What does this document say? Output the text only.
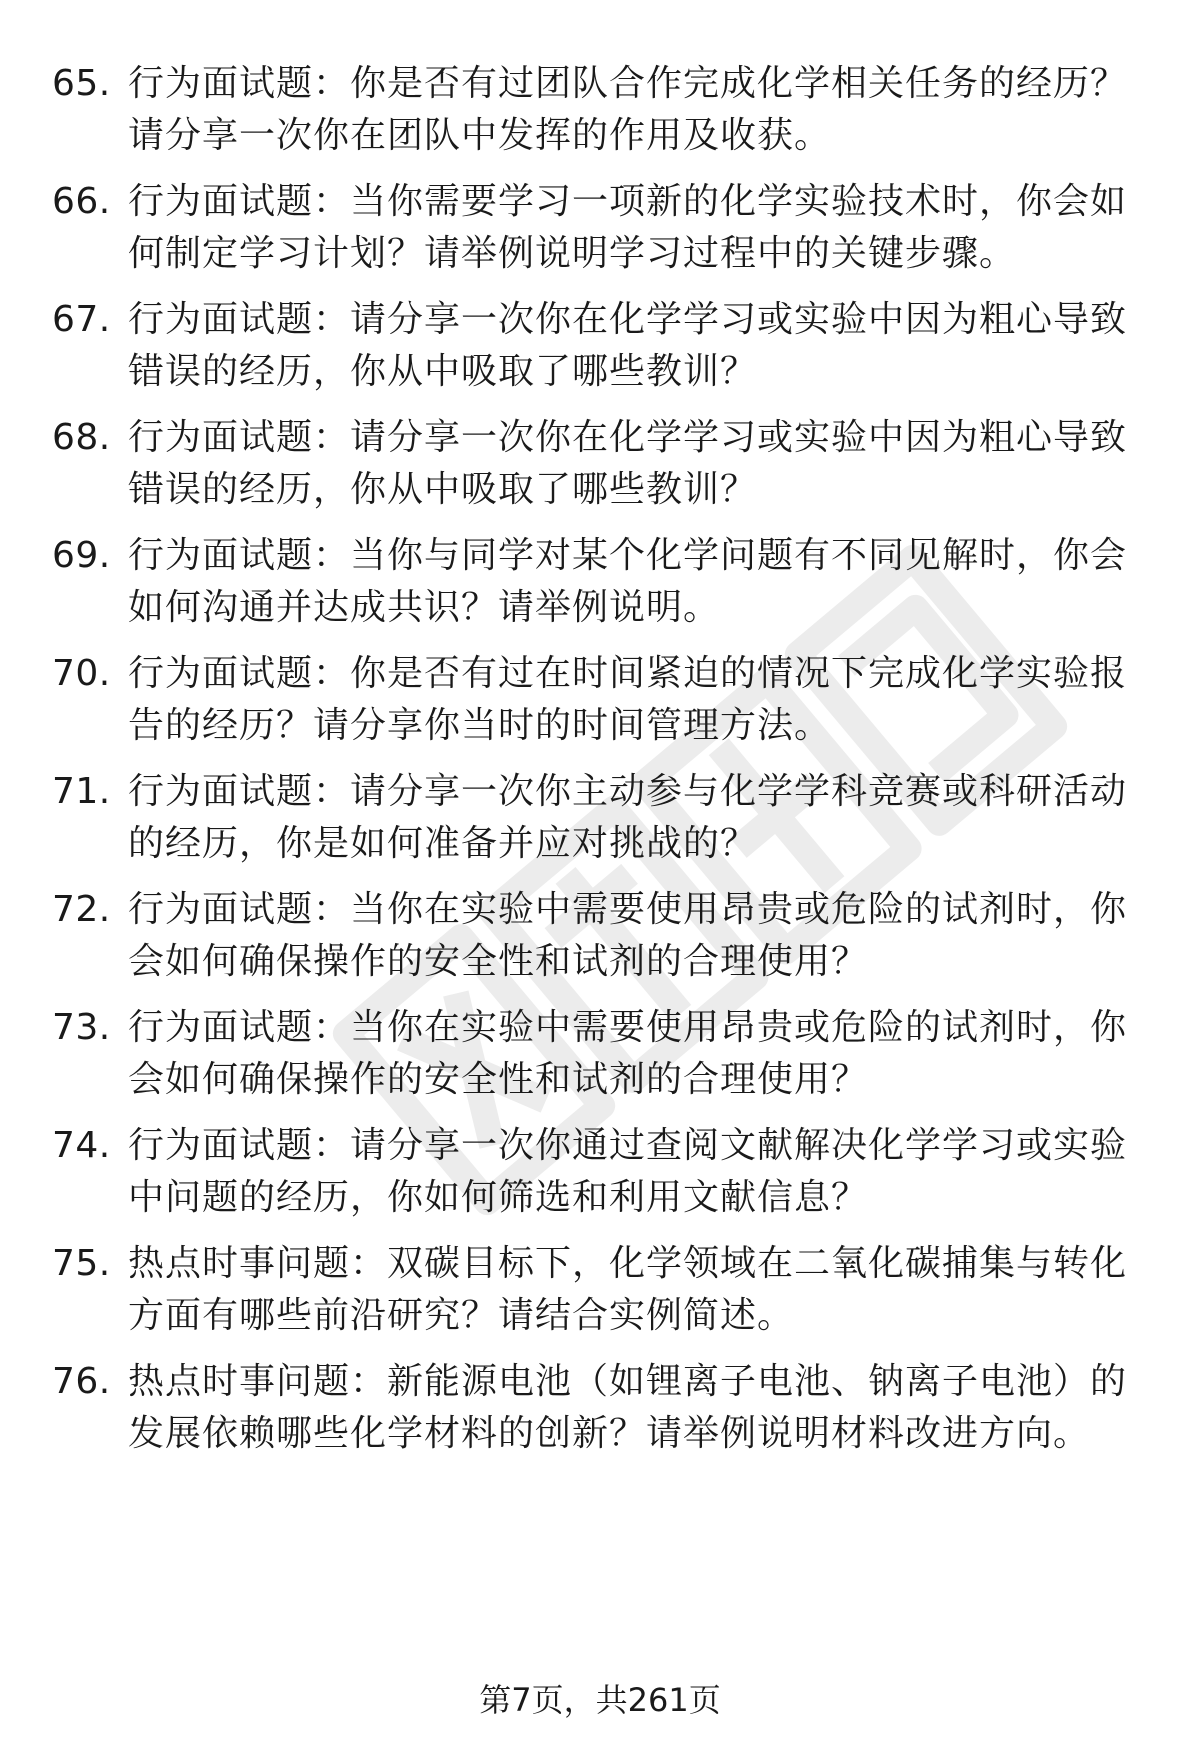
65. 行为面试题：你是否有过团队合作完成化学相关任务的经历？请分享一次你在团队中发挥的作用及收获。
66. 行为面试题：当你需要学习一项新的化学实验技术时，你会如何制定学习计划？请举例说明学习过程中的关键步骤。
67. 行为面试题：请分享一次你在化学学习或实验中因为粗心导致错误的经历，你从中吸取了哪些教训？
68. 行为面试题：请分享一次你在化学学习或实验中因为粗心导致错误的经历，你从中吸取了哪些教训？
69. 行为面试题：当你与同学对某个化学问题有不同见解时，你会如何沟通并达成共识？请举例说明。
70. 行为面试题：你是否有过在时间紧迫的情况下完成化学实验报告的经历？请分享你当时的时间管理方法。
71. 行为面试题：请分享一次你主动参与化学学科竞赛或科研活动的经历，你是如何准备并应对挑战的？
72. 行为面试题：当你在实验中需要使用昂贵或危险的试剂时，你会如何确保操作的安全性和试剂的合理使用？
73. 行为面试题：当你在实验中需要使用昂贵或危险的试剂时，你会如何确保操作的安全性和试剂的合理使用？
74. 行为面试题：请分享一次你通过查阅文献解决化学学习或实验中问题的经历，你如何筛选和利用文献信息？
75. 热点时事问题：双碳目标下，化学领域在二氧化碳捕集与转化方面有哪些前沿研究？请结合实例简述。
76. 热点时事问题：新能源电池（如锂离子电池、钠离子电池）的发展依赖哪些化学材料的创新？请举例说明材料改进方向。
第7页，共261页
